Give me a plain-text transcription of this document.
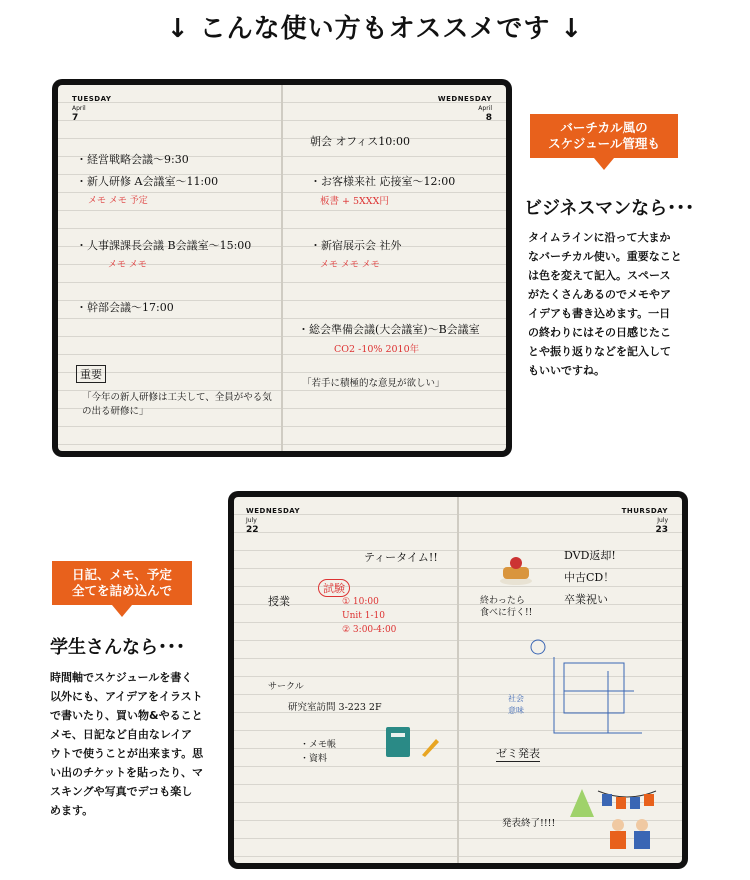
↓ こんな使い方もオススメです ↓
TUESDAY
April
7
WEDNESDAY
April
8
・経営戦略会議～9:30
・新人研修 A会議室～11:00
メモ メモ 予定
・人事課課長会議 B会議室～15:00
メモ メモ
・幹部会議～17:00
重要
「今年の新人研修は工夫して、全員がやる気の出る研修に」
朝会 オフィス10:00
・お客様来社 応接室～12:00
板書 + 5XXX円
・新宿展示会 社外
メモ メモ メモ
・総会準備会議(大会議室)～B会議室
CO2 -10% 2010年
「若手に積極的な意見が欲しい」
バーチカル風の
スケジュール管理も
ビジネスマンなら･･･
タイムラインに沿って大まか
なバーチカル使い。重要なこと
は色を変えて記入。スペース
がたくさんあるのでメモやア
イデアも書き込めます。一日
の終わりにはその日感じたこ
とや振り返りなどを記入して
もいいですね。
WEDNESDAY
July
22
THURSDAY
July
23
ティータイム!!
授業
試験
① 10:00
Unit 1-10
② 3:00-4:00
サークル
研究室訪問 3-223 2F
・メモ帳
・資料
DVD返却!
中古CD！
卒業祝い
終わったら
食べに行く!!
社会
意味
ゼミ発表
発表終了!!!!
日記、メモ、予定
全てを詰め込んで
学生さんなら･･･
時間軸でスケジュールを書く
以外にも、アイデアをイラスト
で書いたり、買い物&やること
メモ、日記など自由なレイア
ウトで使うことが出来ます。思
い出のチケットを貼ったり、マ
スキングや写真でデコも楽し
めます。
